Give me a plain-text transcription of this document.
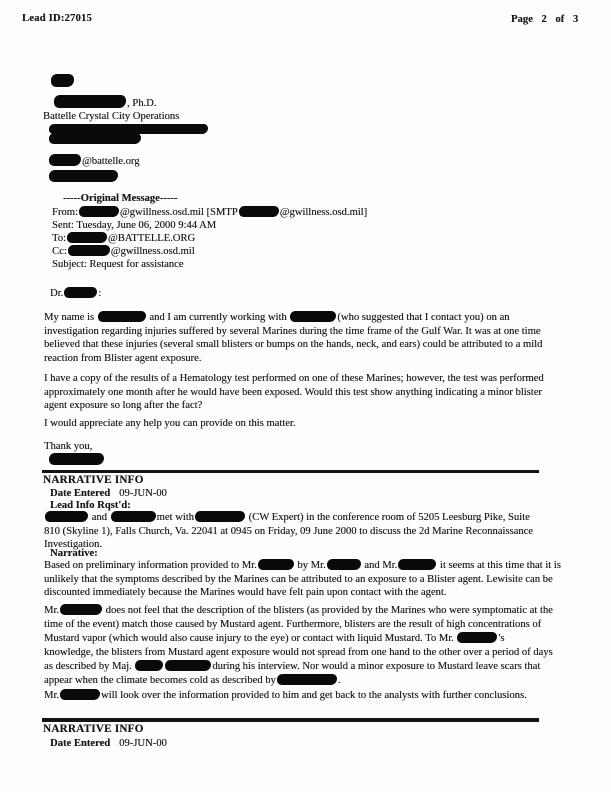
Lead ID:27015	Page 2 of 3
, Ph.D.
Battelle Crystal City Operations
@battelle.org
-----Original Message-----
From:	@gwillness.osd.mil [SMTP	@gwillness.osd.mil]
Sent: Tuesday, June 06, 2000 9:44 AM
To:	@BATTELLE.ORG
Cc:	@gwillness.osd.mil
Subject: Request for assistance
Dr.	:
My name is	and I am currently working with	(who suggested that I contact you) on an
investigation regarding injuries suffered by several Marines during the time frame of the Gulf War. It was at one time
believed that these injuries (several small blisters or bumps on the hands, neck, and ears) could be attributed to a mild
reaction from Blister agent exposure.
I have a copy of the results of a Hematology test performed on one of these Marines; however, the test was performed
approximately one month after he would have been exposed. Would this test show anything indicating a minor blister
agent exposure so long after the fact?
I would appreciate any help you can provide on this matter.
Thank you,
NARRATIVE INFO
Date Entered 09-JUN-00
Lead Info Rqst'd:
and	met with	(CW Expert) in the conference room of 5205 Leesburg Pike, Suite
810 (Skyline 1), Falls Church, Va. 22041 at 0945 on Friday, 09 June 2000 to discuss the 2d Marine Reconnaissance
Investigation.
Narrative:
Based on preliminary information provided to Mr.	by Mr.	and Mr.	it seems at this time that it is
unlikely that the symptoms described by the Marines can be attributed to an exposure to a Blister agent. Lewisite can be
discounted immediately because the Marines would have felt pain upon contact with the agent.
Mr.	does not feel that the description of the blisters (as provided by the Marines who were symptomatic at the
time of the event) match those caused by Mustard agent. Furthermore, blisters are the result of high concentrations of
Mustard vapor (which would also cause injury to the eye) or contact with liquid Mustard. To Mr.	's
knowledge, the blisters from Mustard agent exposure would not spread from one hand to the other over a period of days
as described by Maj.	during his interview. Nor would a minor exposure to Mustard leave scars that
appear when the climate becomes cold as described by	.
Mr.	will look over the information provided to him and get back to the analysts with further conclusions.
NARRATIVE INFO
Date Entered 09-JUN-00
